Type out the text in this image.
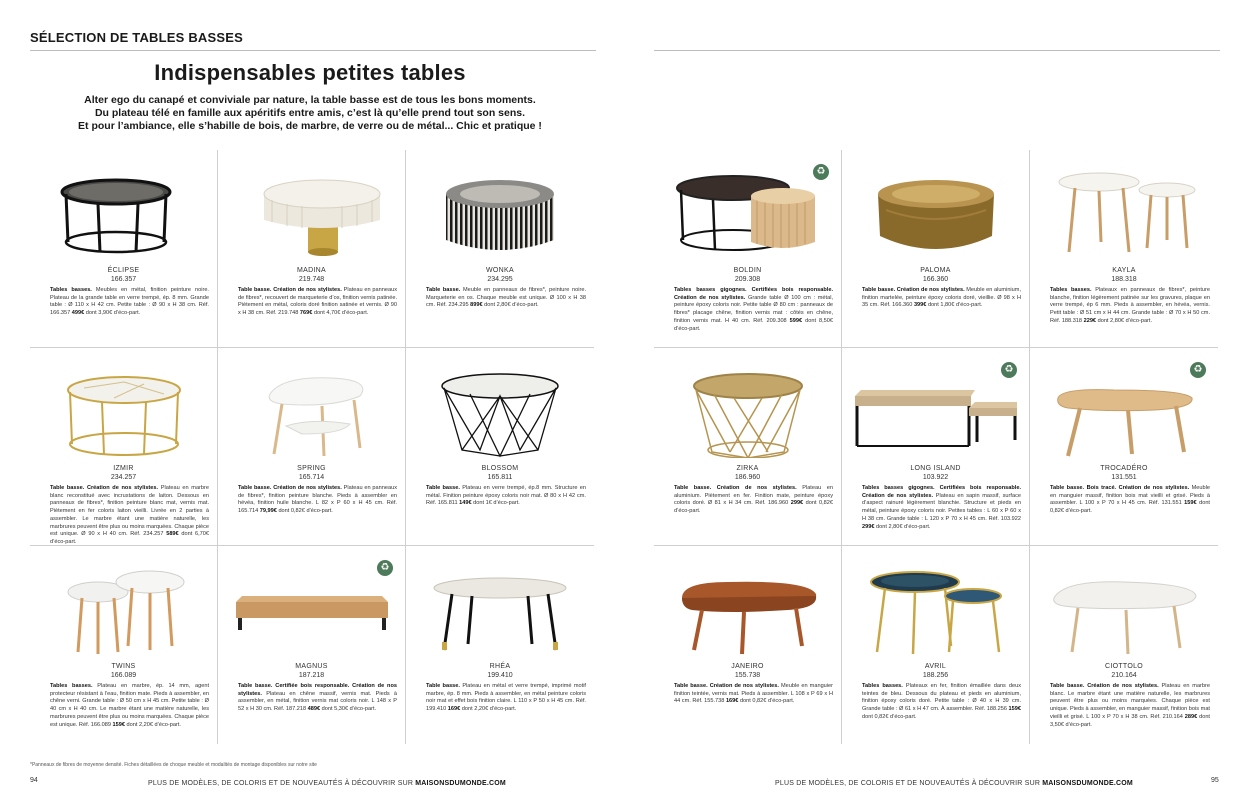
SÉLECTION DE TABLES BASSES
Indispensables petites tables
Alter ego du canapé et conviviale par nature, la table basse est de tous les bons moments.
Du plateau télé en famille aux apéritifs entre amis, c’est là qu’elle prend tout son sens.
Et pour l’ambiance, elle s’habille de bois, de marbre, de verre ou de métal... Chic et pratique !
ÉCLIPSE
166.357
Tables basses. Meubles en métal, finition peinture noire. Plateau de la grande table en verre trempé, ép. 8 mm. Grande table : Ø 110 x H 42 cm. Petite table : Ø 90 x H 38 cm. Réf. 166.357 499€ dont 3,90€ d’éco-part.
MADINA
219.748
Table basse. Création de nos stylistes. Plateau en panneaux de fibres*, recouvert de marqueterie d’os, finition vernis patinée. Piètement en métal, coloris doré finition satinée et vernis. Ø 90 x H 38 cm. Réf. 219.748 769€ dont 4,70€ d’éco-part.
WONKA
234.295
Table basse. Meuble en panneaux de fibres*, peinture noire. Marqueterie en os. Chaque meuble est unique. Ø 100 x H 38 cm. Réf. 234.295 899€ dont 2,80€ d’éco-part.
IZMIR
234.257
Table basse. Création de nos stylistes. Plateau en marbre blanc reconstitué avec incrustations de laiton. Dessous en panneaux de fibres*, finition peinture blanc mat, vernis mat. Piètement en fer coloris laiton vieilli. Livrée en 2 parties à assembler. Le marbre étant une matière naturelle, les marbrures peuvent être plus ou moins marquées. Chaque pièce est unique. Ø 90 x H 40 cm. Réf. 234.257 589€ dont 6,70€ d’éco-part.
SPRING
165.714
Table basse. Création de nos stylistes. Plateau en panneaux de fibres*, finition peinture blanche. Pieds à assembler en hévéa, finition huile blanche. L 82 x P 60 x H 45 cm. Réf. 165.714 79,99€ dont 0,82€ d’éco-part.
BLOSSOM
165.811
Table basse. Plateau en verre trempé, ép.8 mm. Structure en métal. Finition peinture époxy coloris noir mat. Ø 80 x H 42 cm. Réf. 165.811 149€ dont 1€ d’éco-part.
TWINS
166.089
Tables basses. Plateau en marbre, ép. 14 mm, agent protecteur résistant à l’eau, finition mate. Pieds à assembler, en chêne verni. Grande table : Ø 50 cm x H 45 cm. Petite table : Ø 40 cm x H 40 cm. Le marbre étant une matière naturelle, les marbrures peuvent être plus ou moins marquées. Chaque pièce est unique. Réf. 166.089 159€ dont 2,20€ d’éco-part.
♻
MAGNUS
187.218
Table basse. Certifiée bois responsable. Création de nos stylistes. Plateau en chêne massif, vernis mat. Pieds à assembler, en métal, finition vernis mat coloris noir. L 148 x P 52 x H 30 cm. Réf. 187.218 489€ dont 5,30€ d’éco-part.
RHÉA
199.410
Table basse. Plateau en métal et verre trempé, imprimé motif marbre, ép. 8 mm. Pieds à assembler, en métal peinture coloris noir mat et effet bois finition claire. L 110 x P 50 x H 45 cm. Réf. 199.410 169€ dont 2,20€ d’éco-part.
♻
BOLDIN
209.308
Tables basses gigognes. Certifiées bois responsable. Création de nos stylistes. Grande table Ø 100 cm : métal, peinture époxy coloris noir. Petite table Ø 80 cm : panneaux de fibres* placage chêne, finition vernis mat : côtés en chêne, finition vernis mat. H 40 cm. Réf. 209.308 599€ dont 8,50€ d’éco-part.
PALOMA
166.360
Table basse. Création de nos stylistes. Meuble en aluminium, finition martelée, peinture époxy coloris doré, vieillie. Ø 98 x H 35 cm. Réf. 166.360 399€ dont 1,80€ d’éco-part.
KAYLA
188.318
Tables basses. Plateaux en panneaux de fibres*, peinture blanche, finition légèrement patinée sur les gravures, plaque en verre trempé, ép 6 mm. Pieds à assembler, en hévéa, vernis. Petit table : Ø 51 cm x H 44 cm. Grande table : Ø 70 x H 50 cm. Réf. 188.318 229€ dont 2,80€ d’éco-part.
ZIRKA
186.960
Table basse. Création de nos stylistes. Plateau en aluminium. Piètement en fer. Finition mate, peinture époxy coloris doré. Ø 81 x H 34 cm. Réf. 186.960 299€ dont 0,82€ d’éco-part.
♻
LONG ISLAND
103.922
Tables basses gigognes. Certifiées bois responsable. Création de nos stylistes. Plateau en sapin massif, surface d’aspect rainuré légèrement blanchie. Structure et pieds en métal, peinture époxy coloris noir. Petites tables : L 60 x P 60 x H 38 cm. Grande table : L 120 x P 70 x H 45 cm. Réf. 103.922 299€ dont 2,80€ d’éco-part.
♻
TROCADÉRO
131.551
Table basse. Bois tracé. Création de nos stylistes. Meuble en manguier massif, finition bois mat vieilli et grisé. Pieds à assembler. L 100 x P 70 x H 45 cm. Réf. 131.551 159€ dont 0,82€ d’éco-part.
JANEIRO
155.738
Table basse. Création de nos stylistes. Meuble en manguier finition teintée, vernis mat. Pieds à assembler. L 108 x P 69 x H 44 cm. Réf. 155.738 169€ dont 0,82€ d’éco-part.
AVRIL
188.256
Tables basses. Plateaux en fer, finition émaillée dans deux teintes de bleu. Dessous du plateau et pieds en aluminium, finition époxy coloris doré. Petite table : Ø 40 x H 39 cm. Grande table : Ø 61 x H 47 cm. À assembler. Réf. 188.256 159€ dont 0,82€ d’éco-part.
CIOTTOLO
210.164
Table basse. Création de nos stylistes. Plateau en marbre blanc. Le marbre étant une matière naturelle, les marbrures peuvent être plus ou moins marquées. Chaque pièce est unique. Pieds à assembler, en manguier massif, finition bois mat vieilli et grisé. L 100 x P 70 x H 38 cm. Réf. 210.164 289€ dont 3,50€ d’éco-part.
*Panneaux de fibres de moyenne densité. Fiches détaillées de choque meuble et modalités de montage disponibles sur notre site
94	95
PLUS DE MODÈLES, DE COLORIS ET DE NOUVEAUTÉS À DÉCOUVRIR SUR MAISONSDUMONDE.COM	PLUS DE MODÈLES, DE COLORIS ET DE NOUVEAUTÉS À DÉCOUVRIR SUR MAISONSDUMONDE.COM
